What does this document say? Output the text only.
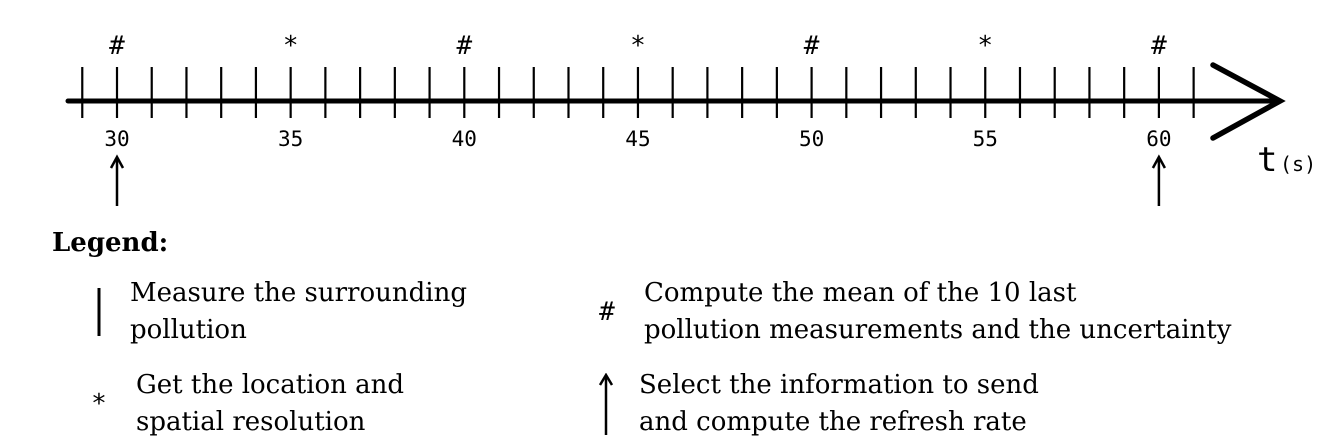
30	35	40	45	50	55	60
t (s)
#	*	#	*	#	*	#
Legend:
Measure the surrounding
pollution
#
Compute the mean of the 10 last
pollution measurements and the uncertainty
*
Get the location and
spatial resolution
Select the information to send
and compute the refresh rate
